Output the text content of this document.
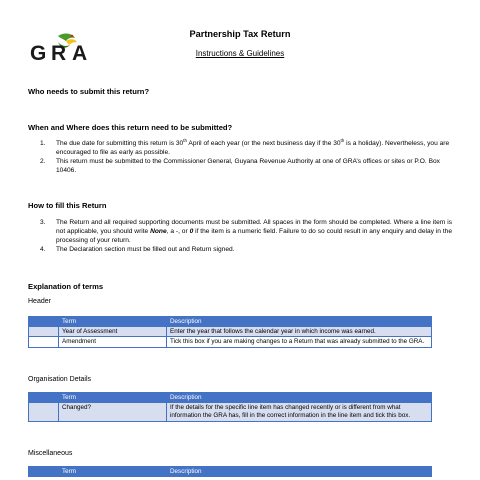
G R A
Partnership Tax Return
Instructions & Guidelines
Who needs to submit this return?
When and Where does this return need to be submitted?
1. The due date for submitting this return is 30th April of each year (or the next business day if the 30th is a holiday). Nevertheless, you are encouraged to file as early as possible.
2. This return must be submitted to the Commissioner General, Guyana Revenue Authority at one of GRA’s offices or sites or P.O. Box 10406.
How to fill this Return
3. The Return and all required supporting documents must be submitted. All spaces in the form should be completed. Where a line item is not applicable, you should write None, a -, or 0 if the item is a numeric field. Failure to do so could result in any enquiry and delay in the processing of your return.
4. The Declaration section must be filled out and Return signed.
Explanation of terms
Header
	Term	Description
	Year of Assessment	Enter the year that follows the calendar year in which income was earned.
	Amendment	Tick this box if you are making changes to a Return that was already submitted to the GRA.
Organisation Details
	Term	Description
	Changed?	If the details for the specific line item has changed recently or is different from what information the GRA has, fill in the correct information in the line item and tick this box.
Miscellaneous
	Term	Description
